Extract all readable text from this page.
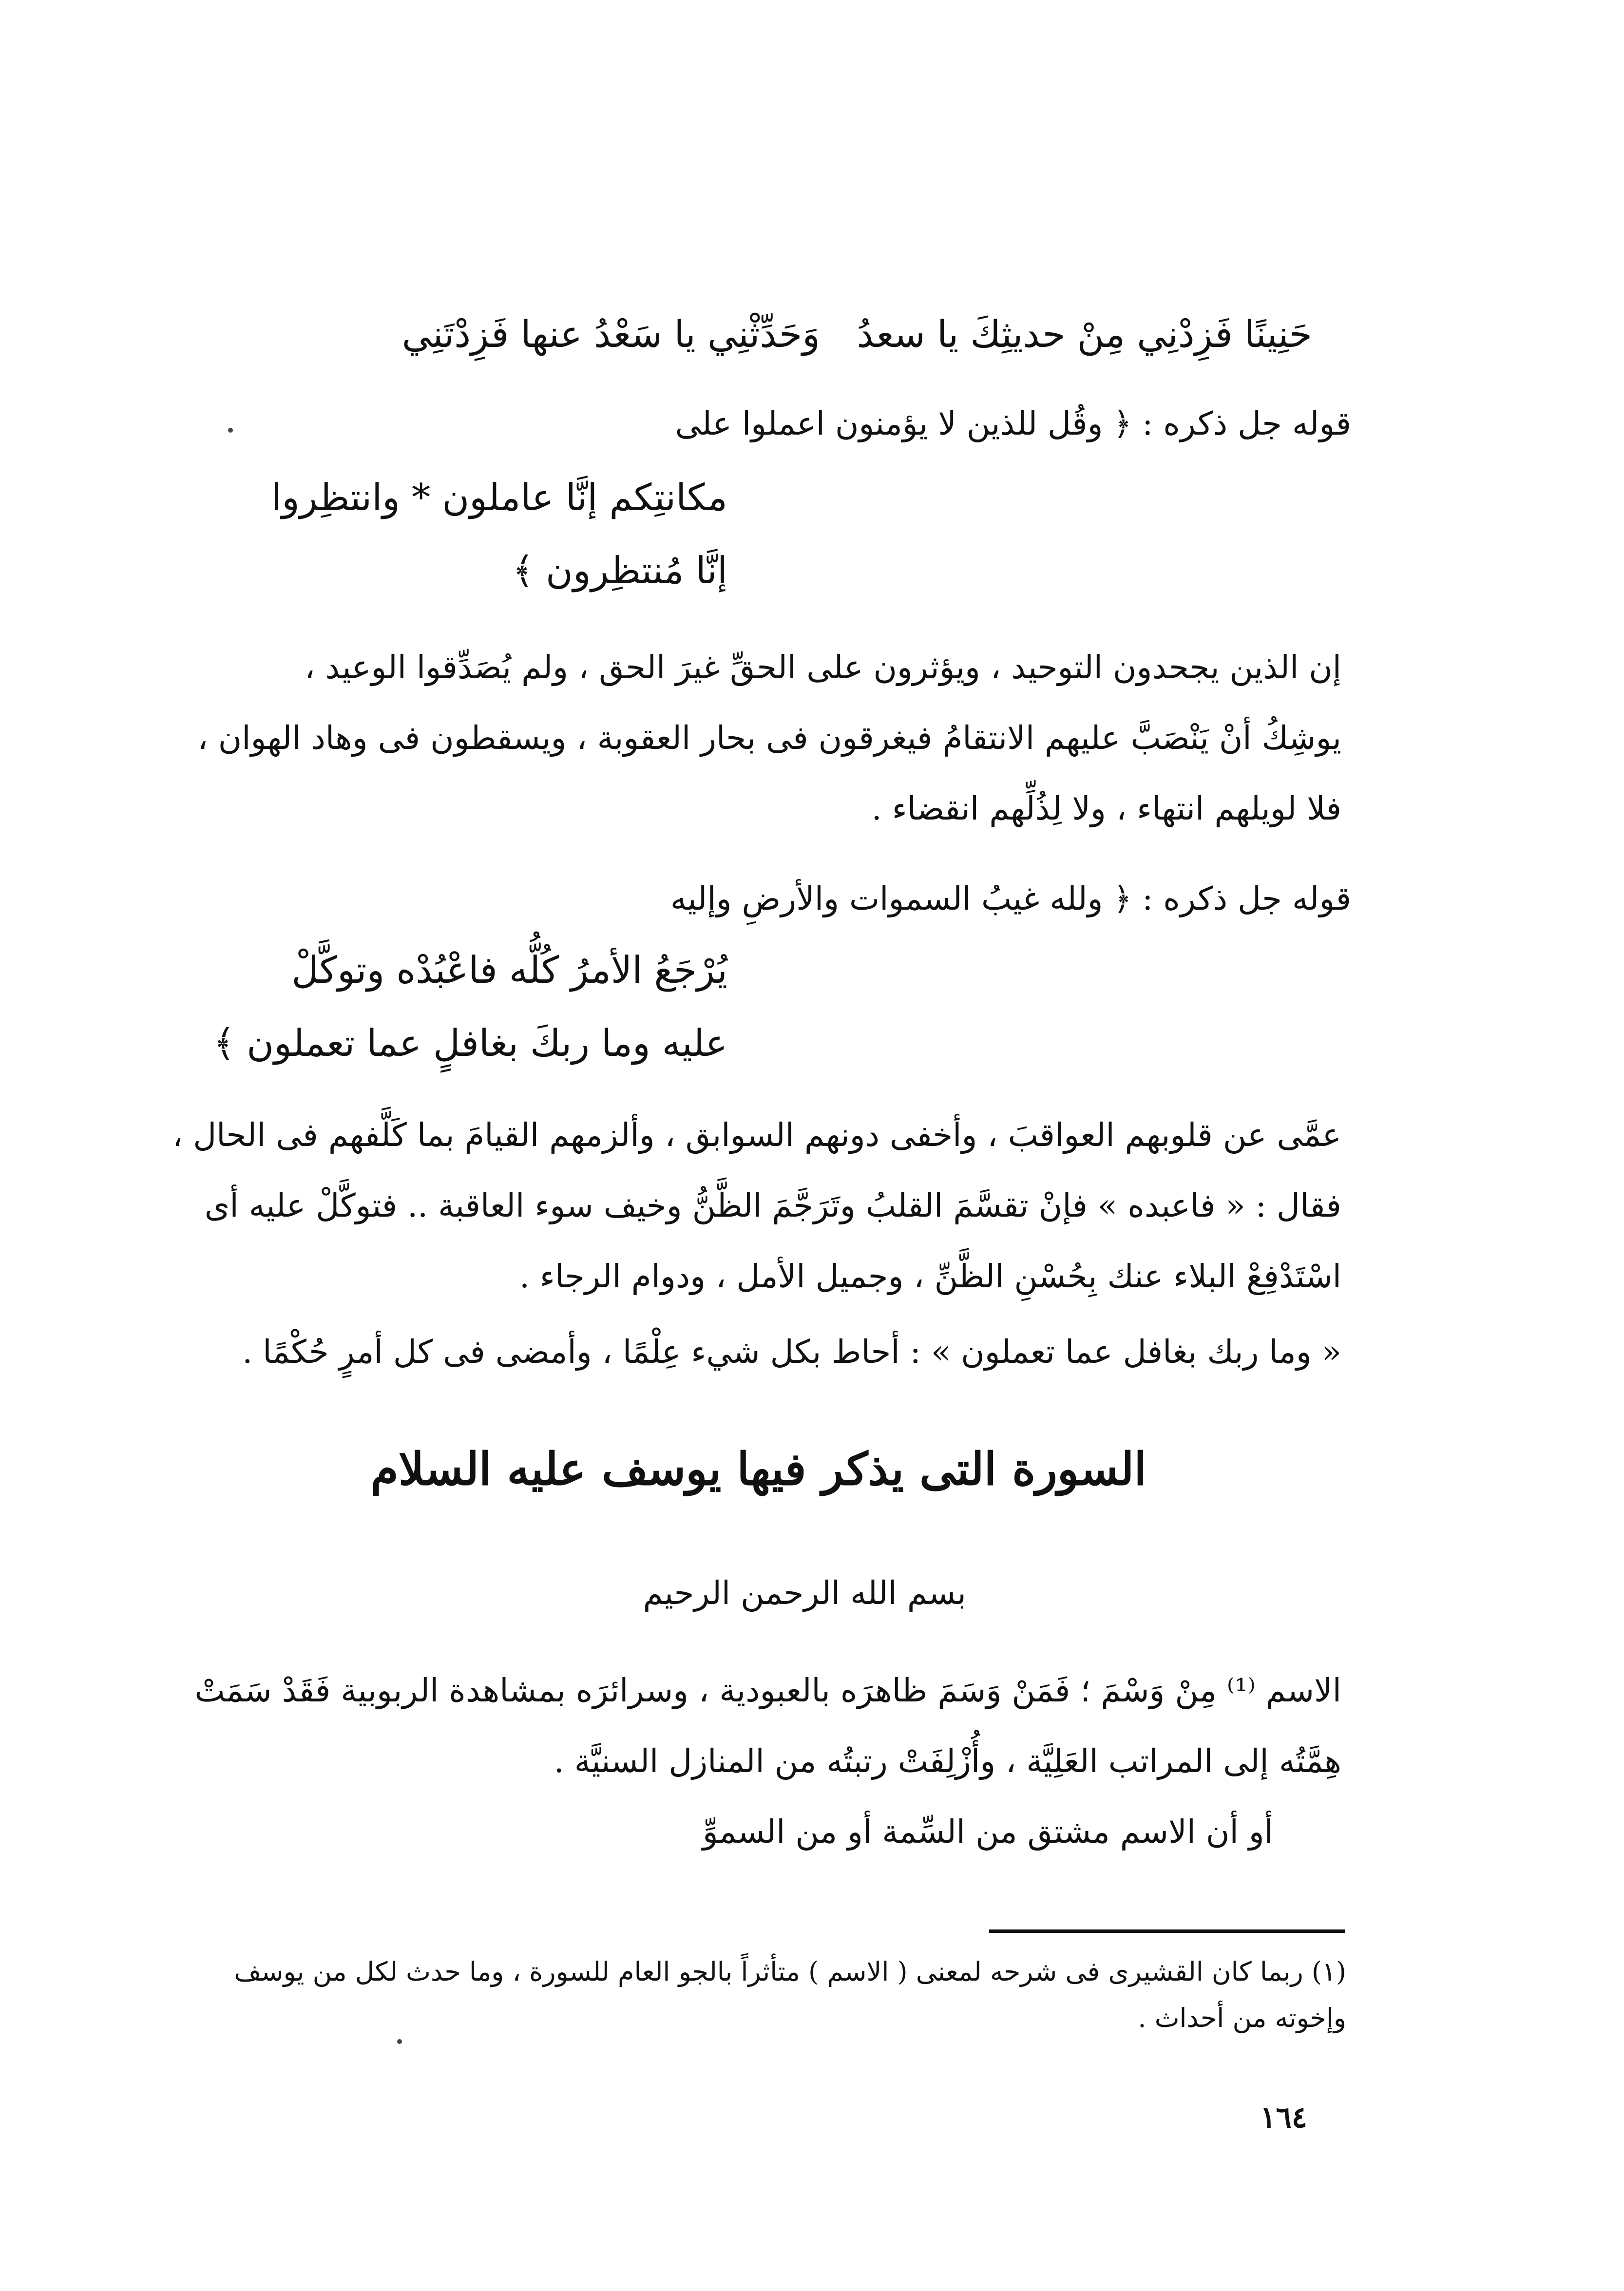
وَحَدِّثْنِي يا سَعْدُ عنها فَزِدْتَنِي حَنِينًا فَزِدْنِي مِنْ حديثِكَ يا سعدُ
قوله جل ذكره : ﴿ وقُل للذين لا يؤمنون اعملوا على
مكانتِكم إنَّا عاملون * وانتظِروا
إنَّا مُنتظِرون ﴾
إن الذين يجحدون التوحيد ، ويؤثرون على الحقِّ غيرَ الحق ، ولم يُصَدِّقوا الوعيد ،
يوشِكُ أنْ يَنْصَبَّ عليهم الانتقامُ فيغرقون فى بحار العقوبة ، ويسقطون فى وهاد الهوان ،
فلا لويلهم انتهاء ، ولا لِذُلِّهم انقضاء .
قوله جل ذكره : ﴿ ولله غيبُ السموات والأرضِ وإليه
يُرْجَعُ الأمرُ كُلُّه فاعْبُدْه وتوكَّلْ
عليه وما ربكَ بغافلٍ عما تعملون ﴾
عمَّى عن قلوبهم العواقبَ ، وأخفى دونهم السوابق ، وألزمهم القيامَ بما كَلَّفهم فى الحال ،
فقال : « فاعبده » فإنْ تقسَّمَ القلبُ وتَرَجَّمَ الظَّنُّ وخيف سوء العاقبة .. فتوكَّلْ عليه أى
اسْتَدْفِعْ البلاء عنك بِحُسْنِ الظَّنِّ ، وجميل الأمل ، ودوام الرجاء .
« وما ربك بغافل عما تعملون » : أحاط بكل شيء عِلْمًا ، وأمضى فى كل أمرٍ حُكْمًا .
السورة التى يذكر فيها يوسف عليه السلام
بسم الله الرحمن الرحيم
الاسم ⁽¹⁾ مِنْ وَسْمَ ؛ فَمَنْ وَسَمَ ظاهرَه بالعبودية ، وسرائرَه بمشاهدة الربوبية فَقَدْ سَمَتْ
هِمَّتُه إلى المراتب العَلِيَّة ، وأُزْلِفَتْ رتبتُه من المنازل السنيَّة .
أو أن الاسم مشتق من السِّمة أو من السموِّ
(١) ربما كان القشيرى فى شرحه لمعنى ( الاسم ) متأثراً بالجو العام للسورة ، وما حدث لكل من يوسف
وإخوته من أحداث .
١٦٤
